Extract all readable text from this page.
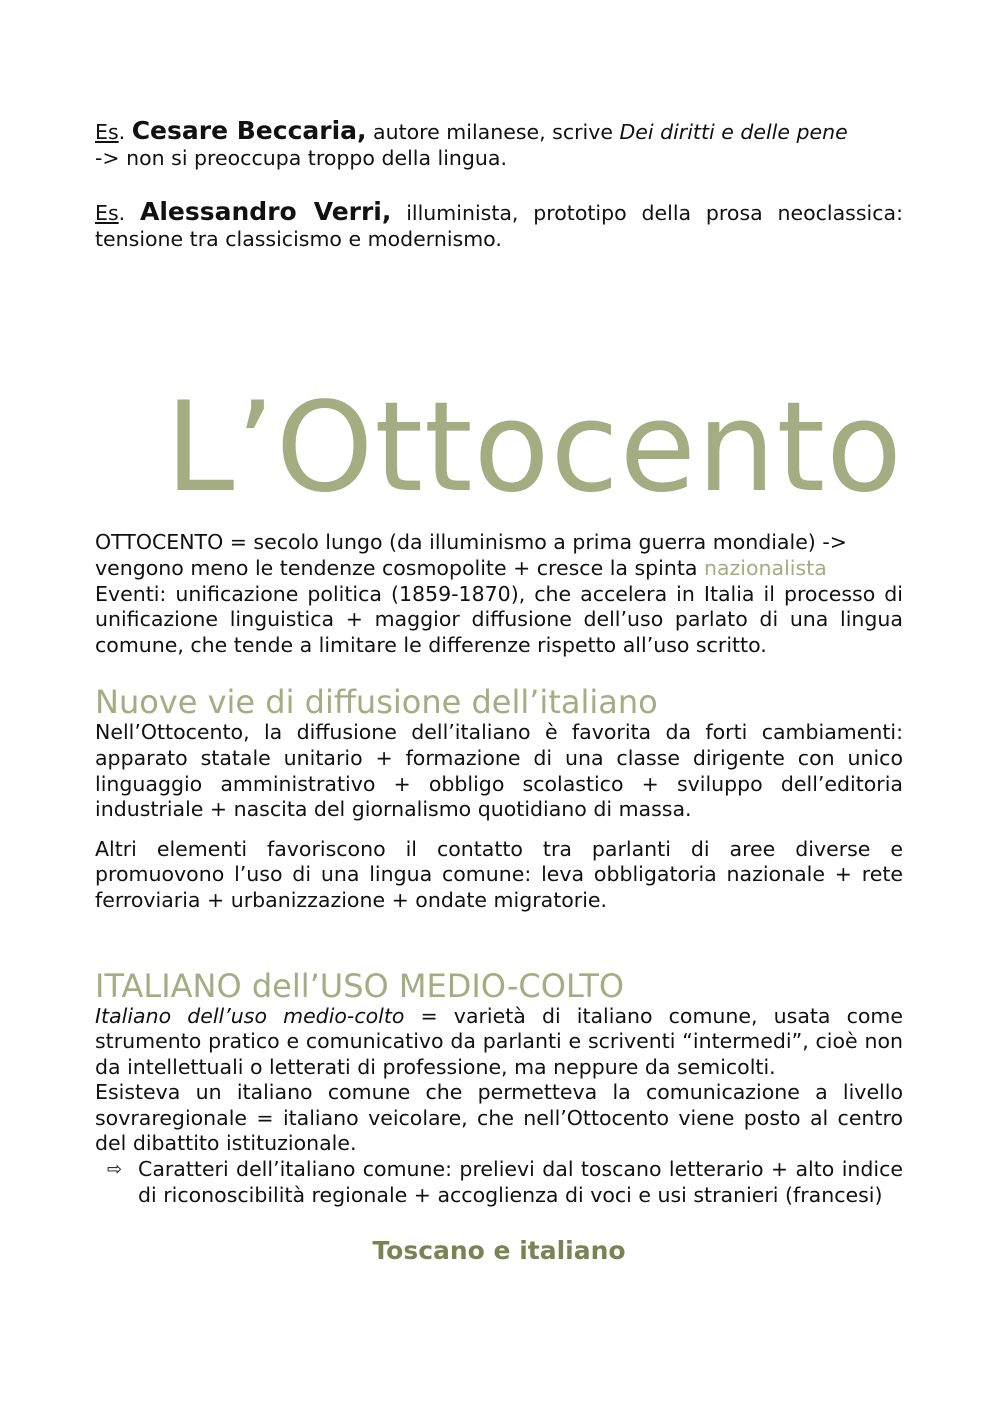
Es. Cesare Beccaria, autore milanese, scrive Dei diritti e delle pene
-> non si preoccupa troppo della lingua.

Es. Alessandro Verri, illuminista, prototipo della prosa neoclassica: tensione tra classicismo e modernismo.

L’Ottocento
OTTOCENTO = secolo lungo (da illuminismo a prima guerra mondiale) ->
vengono meno le tendenze cosmopolite + cresce la spinta nazionalista
Eventi: unificazione politica (1859-1870), che accelera in Italia il processo di unificazione linguistica + maggior diffusione dell’uso parlato di una lingua comune, che tende a limitare le differenze rispetto all’uso scritto.
Nuove vie di diffusione dell’italiano

Nell’Ottocento, la diffusione dell’italiano è favorita da forti cambiamenti: apparato statale unitario + formazione di una classe dirigente con unico linguaggio amministrativo + obbligo scolastico + sviluppo dell’editoria industriale + nascita del giornalismo quotidiano di massa.

Altri elementi favoriscono il contatto tra parlanti di aree diverse e promuovono l’uso di una lingua comune: leva obbligatoria nazionale + rete ferroviaria + urbanizzazione + ondate migratorie.

ITALIANO dell’USO MEDIO-COLTO

Italiano dell’uso medio-colto = varietà di italiano comune, usata come strumento pratico e comunicativo da parlanti e scriventi “intermedi”, cioè non da intellettuali o letterati di professione, ma neppure da semicolti.

Esisteva un italiano comune che permetteva la comunicazione a livello sovraregionale = italiano veicolare, che nell’Ottocento viene posto al centro del dibattito istituzionale.

⇨ Caratteri dell’italiano comune: prelievi dal toscano letterario + alto indice di riconoscibilità regionale + accoglienza di voci e usi stranieri (francesi)
Toscano e italiano
